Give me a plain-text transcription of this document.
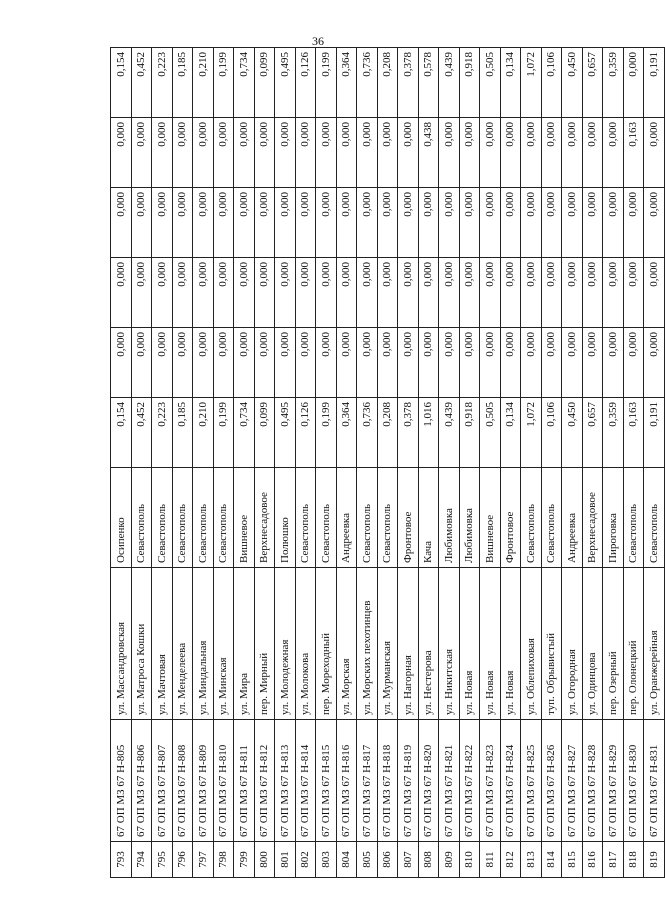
36
793	67 ОП МЗ 67 Н-805	ул. Массандровская	Осипенко	0,154	0,000	0,000	0,000	0,000	0,154
794	67 ОП МЗ 67 Н-806	ул. Матроса Кошки	Севастополь	0,452	0,000	0,000	0,000	0,000	0,452
795	67 ОП МЗ 67 Н-807	ул. Мачтовая	Севастополь	0,223	0,000	0,000	0,000	0,000	0,223
796	67 ОП МЗ 67 Н-808	ул. Менделеева	Севастополь	0,185	0,000	0,000	0,000	0,000	0,185
797	67 ОП МЗ 67 Н-809	ул. Миндальная	Севастополь	0,210	0,000	0,000	0,000	0,000	0,210
798	67 ОП МЗ 67 Н-810	ул. Минская	Севастополь	0,199	0,000	0,000	0,000	0,000	0,199
799	67 ОП МЗ 67 Н-811	ул. Мира	Вишневое	0,734	0,000	0,000	0,000	0,000	0,734
800	67 ОП МЗ 67 Н-812	пер. Мирный	Верхнесадовое	0,099	0,000	0,000	0,000	0,000	0,099
801	67 ОП МЗ 67 Н-813	ул. Молодежная	Полюшко	0,495	0,000	0,000	0,000	0,000	0,495
802	67 ОП МЗ 67 Н-814	ул. Молокова	Севастополь	0,126	0,000	0,000	0,000	0,000	0,126
803	67 ОП МЗ 67 Н-815	пер. Мореходный	Севастополь	0,199	0,000	0,000	0,000	0,000	0,199
804	67 ОП МЗ 67 Н-816	ул. Морская	Андреевка	0,364	0,000	0,000	0,000	0,000	0,364
805	67 ОП МЗ 67 Н-817	ул. Морских пехотинцев	Севастополь	0,736	0,000	0,000	0,000	0,000	0,736
806	67 ОП МЗ 67 Н-818	ул. Мурманская	Севастополь	0,208	0,000	0,000	0,000	0,000	0,208
807	67 ОП МЗ 67 Н-819	ул. Нагорная	Фронтовое	0,378	0,000	0,000	0,000	0,000	0,378
808	67 ОП МЗ 67 Н-820	ул. Нестерова	Кача	1,016	0,000	0,000	0,000	0,438	0,578
809	67 ОП МЗ 67 Н-821	ул. Никитская	Любимовка	0,439	0,000	0,000	0,000	0,000	0,439
810	67 ОП МЗ 67 Н-822	ул. Новая	Любимовка	0,918	0,000	0,000	0,000	0,000	0,918
811	67 ОП МЗ 67 Н-823	ул. Новая	Вишневое	0,505	0,000	0,000	0,000	0,000	0,505
812	67 ОП МЗ 67 Н-824	ул. Новая	Фронтовое	0,134	0,000	0,000	0,000	0,000	0,134
813	67 ОП МЗ 67 Н-825	ул. Облепиховая	Севастополь	1,072	0,000	0,000	0,000	0,000	1,072
814	67 ОП МЗ 67 Н-826	туп. Обрывистый	Севастополь	0,106	0,000	0,000	0,000	0,000	0,106
815	67 ОП МЗ 67 Н-827	ул. Огородная	Андреевка	0,450	0,000	0,000	0,000	0,000	0,450
816	67 ОП МЗ 67 Н-828	ул. Одинцова	Верхнесадовое	0,657	0,000	0,000	0,000	0,000	0,657
817	67 ОП МЗ 67 Н-829	пер. Озерный	Пироговка	0,359	0,000	0,000	0,000	0,000	0,359
818	67 ОП МЗ 67 Н-830	пер. Олонецкий	Севастополь	0,163	0,000	0,000	0,000	0,163	0,000
819	67 ОП МЗ 67 Н-831	ул. Оранжерейная	Севастополь	0,191	0,000	0,000	0,000	0,000	0,191
